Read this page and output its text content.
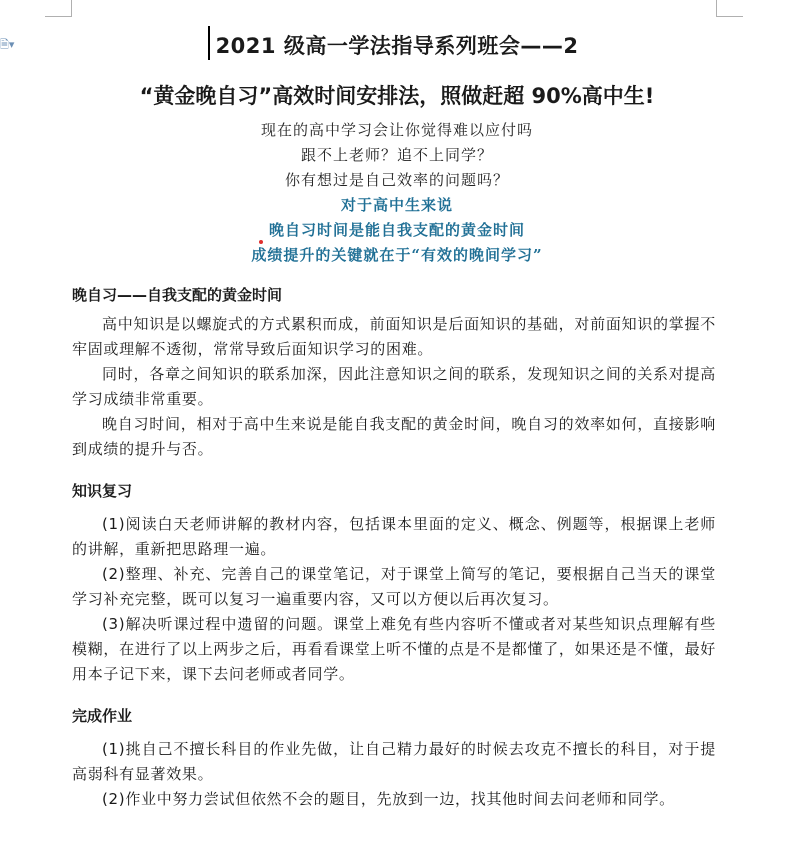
🗎▾	2021 级高一学法指导系列班会——2
“黄金晚自习”高效时间安排法，照做赶超 90%高中生!
现在的高中学习会让你觉得难以应付吗
跟不上老师？追不上同学？
你有想过是自己效率的问题吗？
对于高中生来说
晚自习时间是能自我支配的黄金时间
成绩提升的关键就在于“有效的晚间学习”
晚自习——自我支配的黄金时间

高中知识是以螺旋式的方式累积而成，前面知识是后面知识的基础，对前面知识的掌握不牢固或理解不透彻，常常导致后面知识学习的困难。

同时，各章之间知识的联系加深，因此注意知识之间的联系，发现知识之间的关系对提高学习成绩非常重要。

晚自习时间，相对于高中生来说是能自我支配的黄金时间，晚自习的效率如何，直接影响到成绩的提升与否。

知识复习

(1)阅读白天老师讲解的教材内容，包括课本里面的定义、概念、例题等，根据课上老师的讲解，重新把思路理一遍。

(2)整理、补充、完善自己的课堂笔记，对于课堂上简写的笔记，要根据自己当天的课堂学习补充完整，既可以复习一遍重要内容，又可以方便以后再次复习。

(3)解决听课过程中遗留的问题。课堂上难免有些内容听不懂或者对某些知识点理解有些模糊，在进行了以上两步之后，再看看课堂上听不懂的点是不是都懂了，如果还是不懂，最好用本子记下来，课下去问老师或者同学。

完成作业

(1)挑自己不擅长科目的作业先做，让自己精力最好的时候去攻克不擅长的科目，对于提高弱科有显著效果。

(2)作业中努力尝试但依然不会的题目，先放到一边，找其他时间去问老师和同学。
